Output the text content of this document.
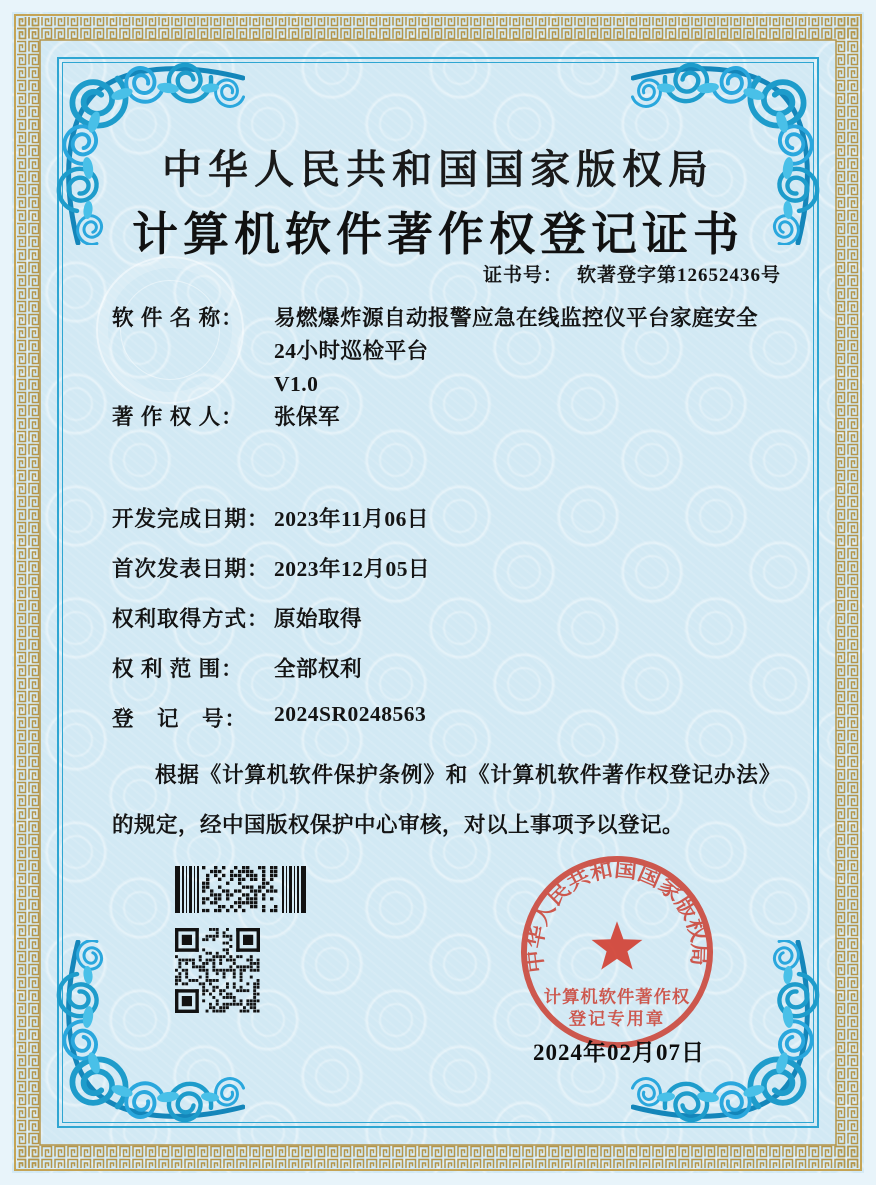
中华人民共和国国家版权局
计算机软件著作权登记证书
证书号： 软著登字第12652436号
软 件 名 称：	易燃爆炸源自动报警应急在线监控仪平台家庭安全
24小时巡检平台
V1.0
著 作 权 人：	张保军
开发完成日期： 2023年11月06日
首次发表日期： 2023年12月05日
权利取得方式： 原始取得
权 利 范 围：	全部权利
登　记　号：	2024SR0248563
根据《计算机软件保护条例》和《计算机软件著作权登记办法》的规定，经中国版权保护中心审核，对以上事项予以登记。
中华人民共和国国家版权局
计算机软件著作权
登记专用章
2024年02月07日
